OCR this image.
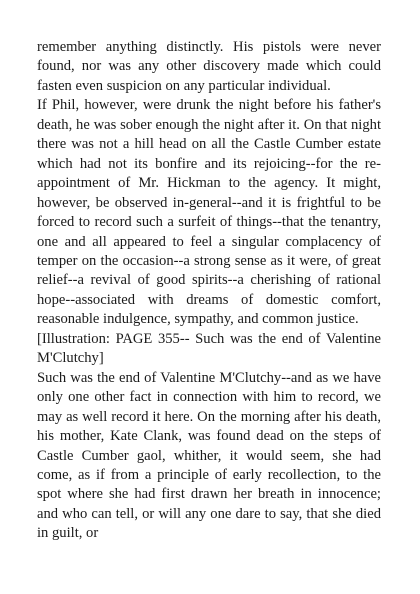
remember anything distinctly. His pistols were never found, nor was any other discovery made which could fasten even suspicion on any particular individual.

If Phil, however, were drunk the night before his father's death, he was sober enough the night after it. On that night there was not a hill head on all the Castle Cumber estate which had not its bonfire and its rejoicing--for the re-appointment of Mr. Hickman to the agency. It might, however, be observed in-general--and it is frightful to be forced to record such a surfeit of things--that the tenantry, one and all appeared to feel a singular complacency of temper on the occasion--a strong sense as it were, of great relief--a revival of good spirits--a cherishing of rational hope--associated with dreams of domestic comfort, reasonable indulgence, sympathy, and common justice.

[Illustration: PAGE 355-- Such was the end of Valentine M'Clutchy]

Such was the end of Valentine M'Clutchy--and as we have only one other fact in connection with him to record, we may as well record it here. On the morning after his death, his mother, Kate Clank, was found dead on the steps of Castle Cumber gaol, whither, it would seem, she had come, as if from a principle of early recollection, to the spot where she had first drawn her breath in innocence; and who can tell, or will any one dare to say, that she died in guilt, or
